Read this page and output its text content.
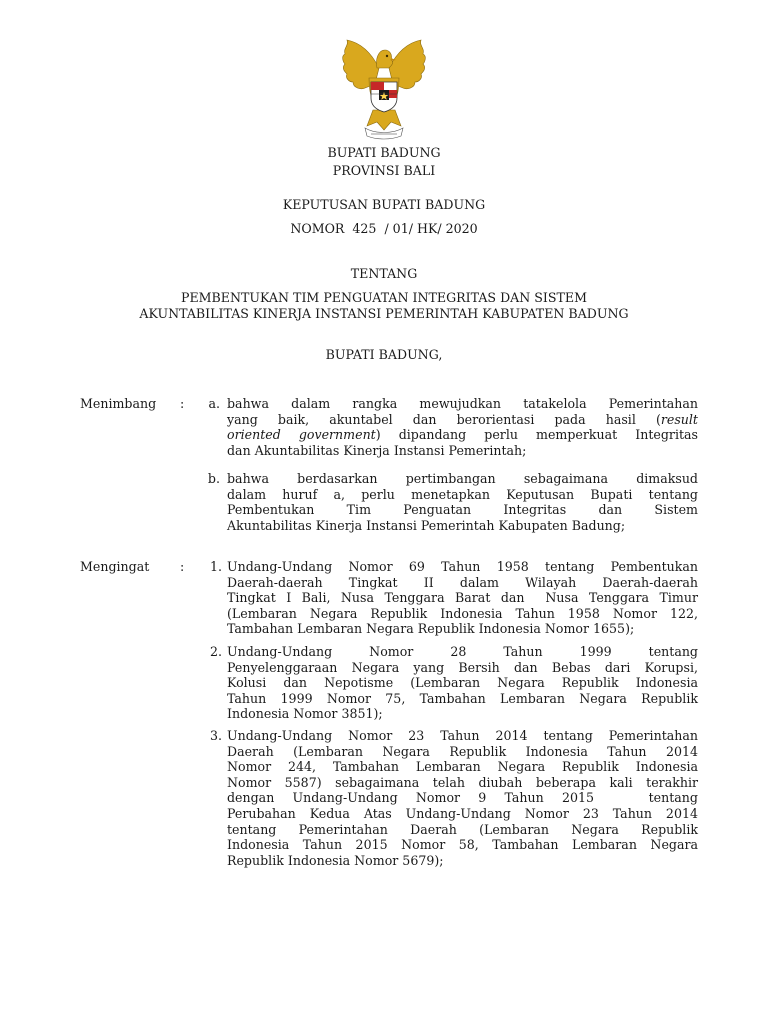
BUPATI BADUNG
PROVINSI BALI
KEPUTUSAN BUPATI BADUNG
NOMOR  425  / 01/ HK/ 2020
TENTANG
PEMBENTUKAN TIM PENGUATAN INTEGRITAS DAN SISTEM
AKUNTABILITAS KINERJA INSTANSI PEMERINTAH KABUPATEN BADUNG
BUPATI BADUNG,
Menimbang :	a. bahwa dalam rangka mewujudkan tatakelola Pemerintahan
yang baik, akuntabel dan berorientasi pada hasil (result
oriented government) dipandang perlu memperkuat Integritas
dan Akuntabilitas Kinerja Instansi Pemerintah;
b. bahwa berdasarkan pertimbangan sebagaimana dimaksud
dalam huruf a, perlu menetapkan Keputusan Bupati tentang
Pembentukan Tim Penguatan Integritas dan Sistem
Akuntabilitas Kinerja Instansi Pemerintah Kabupaten Badung;
Mengingat :	1. Undang-Undang Nomor 69 Tahun 1958 tentang Pembentukan
Daerah-daerah Tingkat II dalam Wilayah Daerah-daerah
Tingkat I Bali, Nusa Tenggara Barat dan  Nusa Tenggara Timur
(Lembaran Negara Republik Indonesia Tahun 1958 Nomor 122,
Tambahan Lembaran Negara Republik Indonesia Nomor 1655);
2. Undang-Undang Nomor 28 Tahun 1999 tentang
Penyelenggaraan Negara yang Bersih dan Bebas dari Korupsi,
Kolusi dan Nepotisme (Lembaran Negara Republik Indonesia
Tahun 1999 Nomor 75, Tambahan Lembaran Negara Republik
Indonesia Nomor 3851);
3. Undang-Undang Nomor 23 Tahun 2014 tentang Pemerintahan
Daerah (Lembaran Negara Republik Indonesia Tahun 2014
Nomor 244, Tambahan Lembaran Negara Republik Indonesia
Nomor 5587) sebagaimana telah diubah beberapa kali terakhir
dengan Undang-Undang Nomor 9 Tahun 2015   tentang
Perubahan Kedua Atas Undang-Undang Nomor 23 Tahun 2014
tentang Pemerintahan Daerah (Lembaran Negara Republik
Indonesia Tahun 2015 Nomor 58, Tambahan Lembaran Negara
Republik Indonesia Nomor 5679);
